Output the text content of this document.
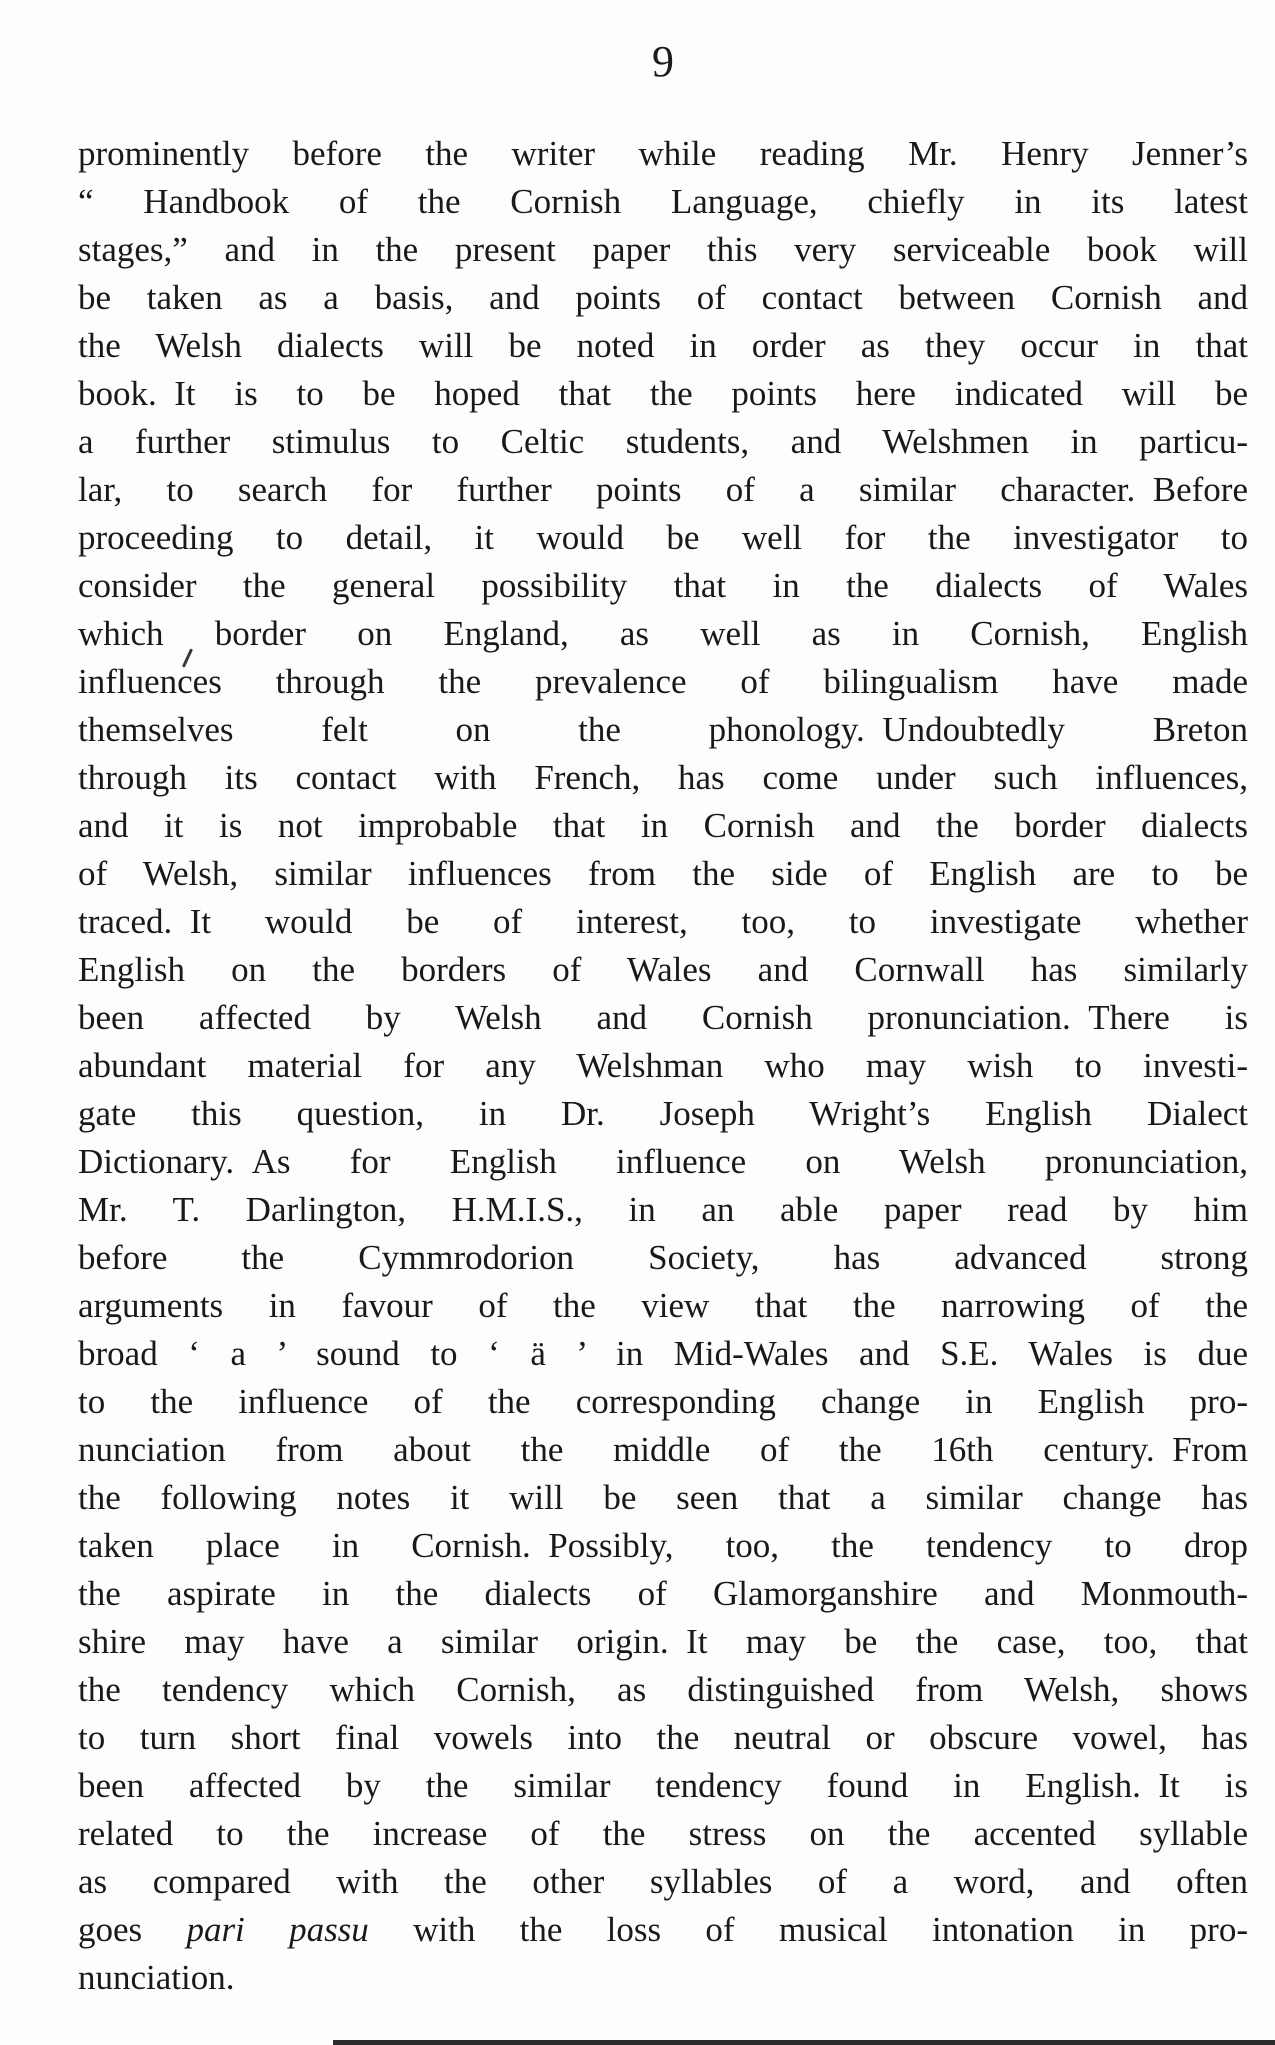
9
prominently before the writer while reading Mr. Henry Jenner’s
“ Handbook of the Cornish Language, chiefly in its latest
stages,” and in the present paper this very serviceable book will
be taken as a basis, and points of contact between Cornish and
the Welsh dialects will be noted in order as they occur in that
book. It is to be hoped that the points here indicated will be
a further stimulus to Celtic students, and Welshmen in particu-
lar, to search for further points of a similar character. Before
proceeding to detail, it would be well for the investigator to
consider the general possibility that in the dialects of Wales
which border on England, as well as in Cornish, English
influences through the prevalence of bilingualism have made
themselves felt on the phonology. Undoubtedly Breton
through its contact with French, has come under such influences,
and it is not improbable that in Cornish and the border dialects
of Welsh, similar influences from the side of English are to be
traced. It would be of interest, too, to investigate whether
English on the borders of Wales and Cornwall has similarly
been affected by Welsh and Cornish pronunciation. There is
abundant material for any Welshman who may wish to investi-
gate this question, in Dr. Joseph Wright’s English Dialect
Dictionary. As for English influence on Welsh pronunciation,
Mr. T. Darlington, H.M.I.S., in an able paper read by him
before the Cymmrodorion Society, has advanced strong
arguments in favour of the view that the narrowing of the
broad ‘ a ’ sound to ‘ ä ’ in Mid-Wales and S.E. Wales is due
to the influence of the corresponding change in English pro-
nunciation from about the middle of the 16th century. From
the following notes it will be seen that a similar change has
taken place in Cornish. Possibly, too, the tendency to drop
the aspirate in the dialects of Glamorganshire and Monmouth-
shire may have a similar origin. It may be the case, too, that
the tendency which Cornish, as distinguished from Welsh, shows
to turn short final vowels into the neutral or obscure vowel, has
been affected by the similar tendency found in English. It is
related to the increase of the stress on the accented syllable
as compared with the other syllables of a word, and often
goes pari passu with the loss of musical intonation in pro-
nunciation.
